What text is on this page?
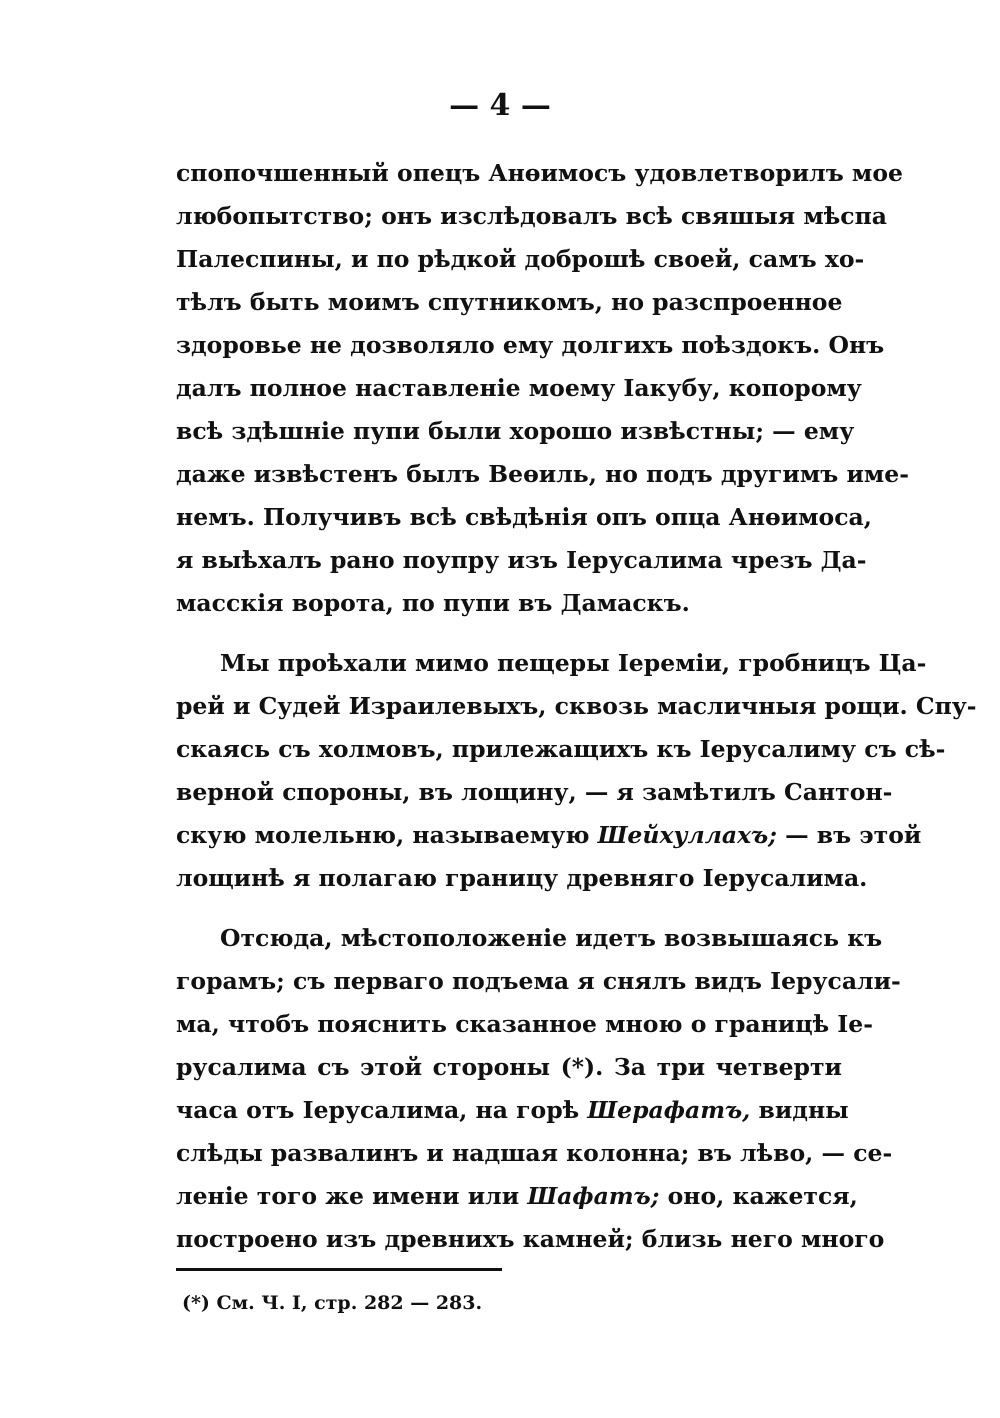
— 4 —
спопочшенный опецъ Анөимосъ удовлетворилъ мое
любопытство; онъ изслѣдовалъ всѣ свяшыя мѣспа
Палеспины, и по рѣдкой доброшѣ своей, самъ хо-
тѣлъ быть моимъ спутникомъ, но разспроенное
здоровье не дозволяло ему долгихъ поѣздокъ. Онъ
далъ полное наставленіе моему Іакубу, копорому
всѣ здѣшніе пупи были хорошо извѣстны; — ему
даже извѣстенъ былъ Веөиль, но подъ другимъ име-
немъ. Получивъ всѣ свѣдѣнія опъ опца Анөимоса,
я выѣхалъ рано поупру изъ Іерусалима чрезъ Да-
масскія ворота, по пупи въ Дамаскъ.
Мы проѣхали мимо пещеры Іереміи, гробницъ Ца-
рей и Судей Израилевыхъ, сквозь масличныя рощи. Спу-
скаясь съ холмовъ, прилежащихъ къ Іерусалиму съ сѣ-
верной спороны, въ лощину, — я замѣтилъ Сантон-
скую молельню, называемую Шейхуллахъ; — въ этой
лощинѣ я полагаю границу древняго Іерусалима.
Отсюда, мѣстоположеніе идетъ возвышаясь къ
горамъ; съ перваго подъема я снялъ видъ Іерусали-
ма, чтобъ пояснить сказанное мною о границѣ Іе-
русалима съ этой стороны (*). За три четверти
часа отъ Іерусалима, на горѣ Шерафатъ, видны
слѣды развалинъ и надшая колонна; въ лѣво, — се-
леніе того же имени или Шафатъ; оно, кажется,
построено изъ древнихъ камней; близь него много
(*) См. Ч. I, стр. 282 — 283.
